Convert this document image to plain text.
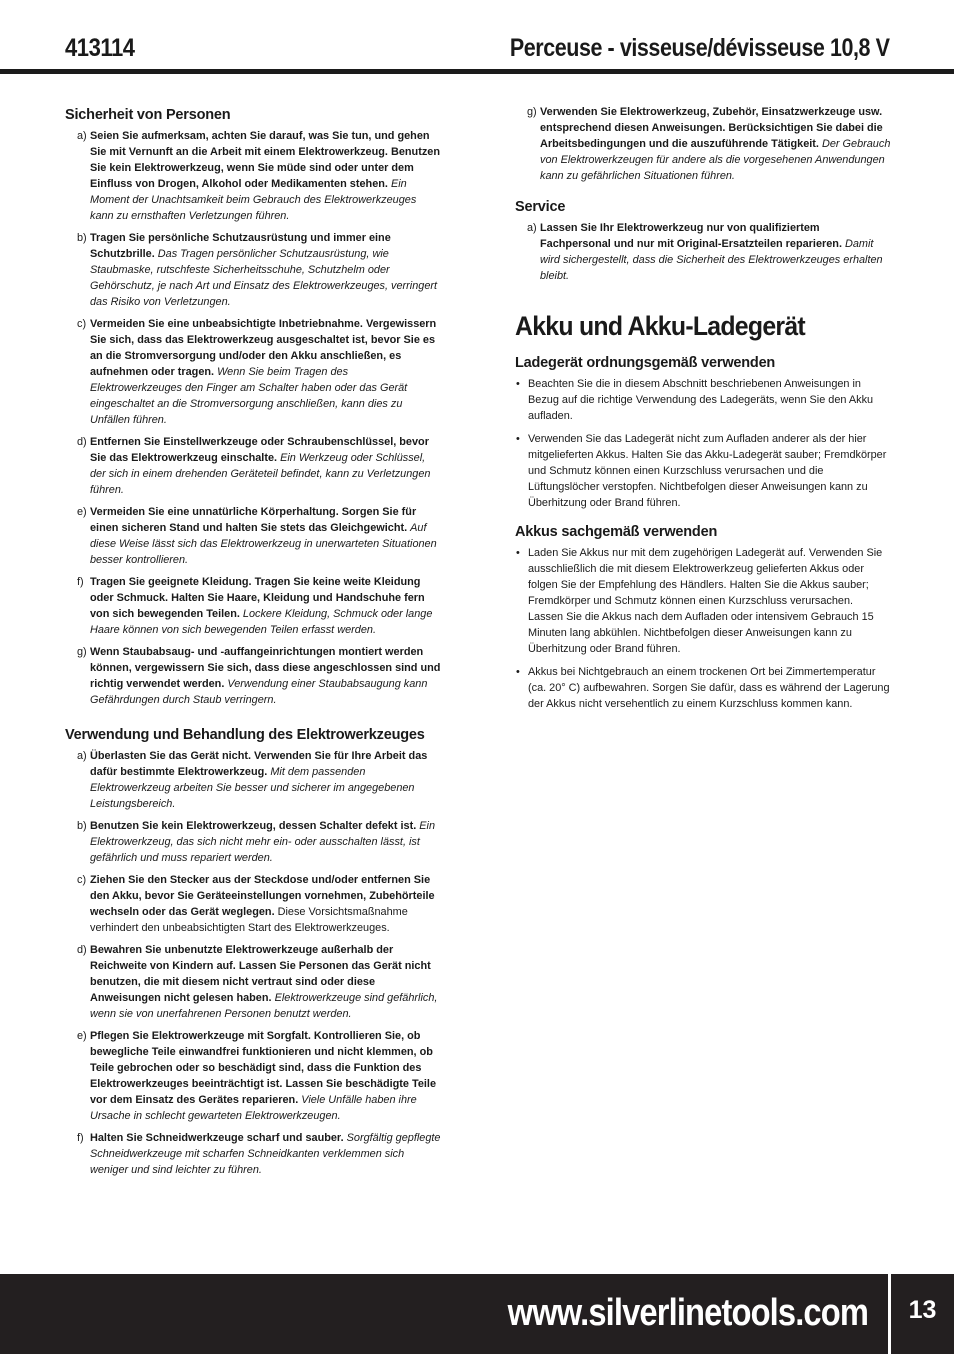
413114	Perceuse - visseuse/dévisseuse 10,8 V
Sicherheit von Personen
a) Seien Sie aufmerksam, achten Sie darauf, was Sie tun, und gehen Sie mit Vernunft an die Arbeit mit einem Elektrowerkzeug. Benutzen Sie kein Elektrowerkzeug, wenn Sie müde sind oder unter dem Einfluss von Drogen, Alkohol oder Medikamenten stehen. Ein Moment der Unachtsamkeit beim Gebrauch des Elektrowerkzeuges kann zu ernsthaften Verletzungen führen.
b) Tragen Sie persönliche Schutzausrüstung und immer eine Schutzbrille. Das Tragen persönlicher Schutzausrüstung, wie Staubmaske, rutschfeste Sicherheitsschuhe, Schutzhelm oder Gehörschutz, je nach Art und Einsatz des Elektrowerkzeuges, verringert das Risiko von Verletzungen.
c) Vermeiden Sie eine unbeabsichtigte Inbetriebnahme. Vergewissern Sie sich, dass das Elektrowerkzeug ausgeschaltet ist, bevor Sie es an die Stromversorgung und/oder den Akku anschließen, es aufnehmen oder tragen. Wenn Sie beim Tragen des Elektrowerkzeuges den Finger am Schalter haben oder das Gerät eingeschaltet an die Stromversorgung anschließen, kann dies zu Unfällen führen.
d) Entfernen Sie Einstellwerkzeuge oder Schraubenschlüssel, bevor Sie das Elektrowerkzeug einschalte. Ein Werkzeug oder Schlüssel, der sich in einem drehenden Geräteteil befindet, kann zu Verletzungen führen.
e) Vermeiden Sie eine unnatürliche Körperhaltung. Sorgen Sie für einen sicheren Stand und halten Sie stets das Gleichgewicht. Auf diese Weise lässt sich das Elektrowerkzeug in unerwarteten Situationen besser kontrollieren.
f) Tragen Sie geeignete Kleidung. Tragen Sie keine weite Kleidung oder Schmuck. Halten Sie Haare, Kleidung und Handschuhe fern von sich bewegenden Teilen. Lockere Kleidung, Schmuck oder lange Haare können von sich bewegenden Teilen erfasst werden.
g) Wenn Staubabsaug- und -auffangeinrichtungen montiert werden können, vergewissern Sie sich, dass diese angeschlossen sind und richtig verwendet werden. Verwendung einer Staubabsaugung kann Gefährdungen durch Staub verringern.
Verwendung und Behandlung des Elektrowerkzeuges
a) Überlasten Sie das Gerät nicht. Verwenden Sie für Ihre Arbeit das dafür bestimmte Elektrowerkzeug. Mit dem passenden Elektrowerkzeug arbeiten Sie besser und sicherer im angegebenen Leistungsbereich.
b) Benutzen Sie kein Elektrowerkzeug, dessen Schalter defekt ist. Ein Elektrowerkzeug, das sich nicht mehr ein- oder ausschalten lässt, ist gefährlich und muss repariert werden.
c) Ziehen Sie den Stecker aus der Steckdose und/oder entfernen Sie den Akku, bevor Sie Geräteeinstellungen vornehmen, Zubehörteile wechseln oder das Gerät weglegen. Diese Vorsichtsmaßnahme verhindert den unbeabsichtigten Start des Elektrowerkzeuges.
d) Bewahren Sie unbenutzte Elektrowerkzeuge außerhalb der Reichweite von Kindern auf. Lassen Sie Personen das Gerät nicht benutzen, die mit diesem nicht vertraut sind oder diese Anweisungen nicht gelesen haben. Elektrowerkzeuge sind gefährlich, wenn sie von unerfahrenen Personen benutzt werden.
e) Pflegen Sie Elektrowerkzeuge mit Sorgfalt. Kontrollieren Sie, ob bewegliche Teile einwandfrei funktionieren und nicht klemmen, ob Teile gebrochen oder so beschädigt sind, dass die Funktion des Elektrowerkzeuges beeinträchtigt ist. Lassen Sie beschädigte Teile vor dem Einsatz des Gerätes reparieren. Viele Unfälle haben ihre Ursache in schlecht gewarteten Elektrowerkzeugen.
f) Halten Sie Schneidwerkzeuge scharf und sauber. Sorgfältig gepflegte Schneidwerkzeuge mit scharfen Schneidkanten verklemmen sich weniger und sind leichter zu führen.
g) Verwenden Sie Elektrowerkzeug, Zubehör, Einsatzwerkzeuge usw. entsprechend diesen Anweisungen. Berücksichtigen Sie dabei die Arbeitsbedingungen und die auszuführende Tätigkeit. Der Gebrauch von Elektrowerkzeugen für andere als die vorgesehenen Anwendungen kann zu gefährlichen Situationen führen.
Service
a) Lassen Sie Ihr Elektrowerkzeug nur von qualifiziertem Fachpersonal und nur mit Original-Ersatzteilen reparieren. Damit wird sichergestellt, dass die Sicherheit des Elektrowerkzeuges erhalten bleibt.
Akku und Akku-Ladegerät
Ladegerät ordnungsgemäß verwenden
• Beachten Sie die in diesem Abschnitt beschriebenen Anweisungen in Bezug auf die richtige Verwendung des Ladegeräts, wenn Sie den Akku aufladen.
• Verwenden Sie das Ladegerät nicht zum Aufladen anderer als der hier mitgelieferten Akkus. Halten Sie das Akku-Ladegerät sauber; Fremdkörper und Schmutz können einen Kurzschluss verursachen und die Lüftungslöcher verstopfen. Nichtbefolgen dieser Anweisungen kann zu Überhitzung oder Brand führen.
Akkus sachgemäß verwenden
• Laden Sie Akkus nur mit dem zugehörigen Ladegerät auf. Verwenden Sie ausschließlich die mit diesem Elektrowerkzeug gelieferten Akkus oder folgen Sie der Empfehlung des Händlers. Halten Sie die Akkus sauber; Fremdkörper und Schmutz können einen Kurzschluss verursachen. Lassen Sie die Akkus nach dem Aufladen oder intensivem Gebrauch 15 Minuten lang abkühlen. Nichtbefolgen dieser Anweisungen kann zu Überhitzung oder Brand führen.
• Akkus bei Nichtgebrauch an einem trockenen Ort bei Zimmertemperatur (ca. 20° C) aufbewahren. Sorgen Sie dafür, dass es während der Lagerung der Akkus nicht versehentlich zu einem Kurzschluss kommen kann.
www.silverlinetools.com	13
